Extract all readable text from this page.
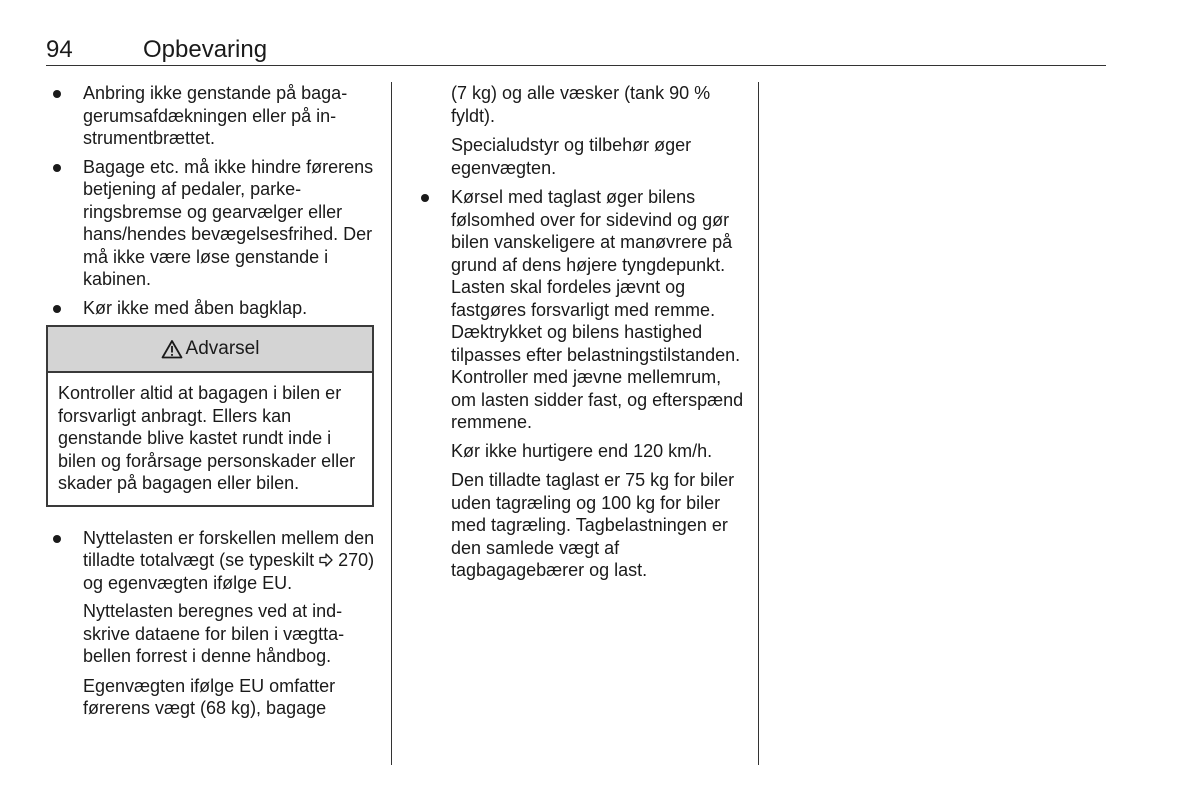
94	Opbevaring
Anbring ikke genstande på bagagerumsafdækningen eller på instrumentbrættet.
Bagage etc. må ikke hindre førerens betjening af pedaler, parkeringsbremse og gearvælger eller hans/hendes bevægelsesfrihed. Der må ikke være løse genstande i kabinen.
Kør ikke med åben bagklap.
Advarsel
Kontroller altid at bagagen i bilen er forsvarligt anbragt. Ellers kan genstande blive kastet rundt inde i bilen og forårsage personskader eller skader på bagagen eller bilen.
Nyttelasten er forskellen mellem den tilladte totalvægt (se typeskilt 270) og egenvægten ifølge EU.
Nyttelasten beregnes ved at indskrive dataene for bilen i vægttabellen forrest i denne håndbog.
Egenvægten ifølge EU omfatter førerens vægt (68 kg), bagage
(7 kg) og alle væsker (tank 90 % fyldt).
Specialudstyr og tilbehør øger egenvægten.
Kørsel med taglast øger bilens følsomhed over for sidevind og gør bilen vanskeligere at manøvrere på grund af dens højere tyngdepunkt. Lasten skal fordeles jævnt og fastgøres forsvarligt med remme. Dæktrykket og bilens hastighed tilpasses efter belastningstilstanden. Kontroller med jævne mellemrum, om lasten sidder fast, og efterspænd remmene.
Kør ikke hurtigere end 120 km/h.
Den tilladte taglast er 75 kg for biler uden tagræling og 100 kg for biler med tagræling. Tagbelastningen er den samlede vægt af tagbagagebærer og last.
